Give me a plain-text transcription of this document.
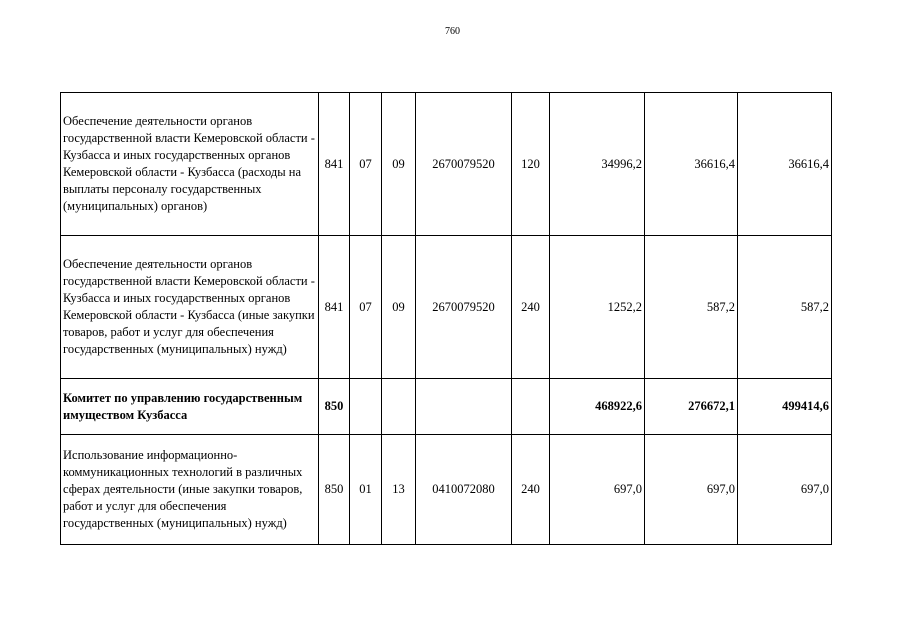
760
Обеспечение деятельности органов государственной власти Кемеровской области - Кузбасса и иных государственных органов Кемеровской области - Кузбасса (расходы на выплаты персоналу государственных (муниципальных) органов)	841	07	09	2670079520	120	34996,2	36616,4	36616,4
Обеспечение деятельности органов государственной власти Кемеровской области - Кузбасса и иных государственных органов Кемеровской области - Кузбасса (иные закупки товаров, работ и услуг для обеспечения государственных (муниципальных) нужд)	841	07	09	2670079520	240	1252,2	587,2	587,2
Комитет по управлению государственным имуществом Кузбасса	850					468922,6	276672,1	499414,6
Использование информационно-коммуникационных технологий в различных сферах деятельности (иные закупки товаров, работ и услуг для обеспечения государственных (муниципальных) нужд)	850	01	13	0410072080	240	697,0	697,0	697,0
